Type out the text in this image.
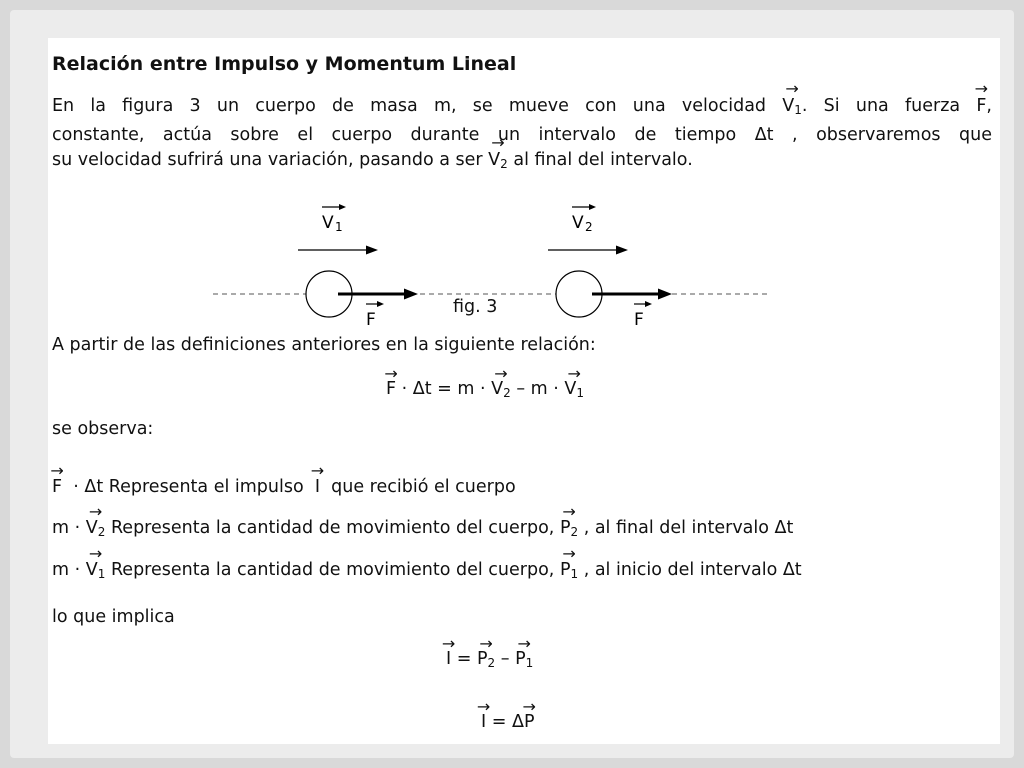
Relación entre Impulso y Momentum Lineal
En la figura 3 un cuerpo de masa m, se mueve con una velocidad → $V_1$. Si una fuerza → F,
constante, actúa sobre el cuerpo durante un intervalo de tiempo Δt , observaremos que
su velocidad sufrirá una variación, pasando a ser → $V_2$ al final del intervalo.
V 1	V 2
F	F
fig. 3
A partir de las definiciones anteriores en la siguiente relación:
→ F · Δt = m · → $V_2$ – m · → $V_1$
se observa:
→ F  · Δt Representa el impulso  → I  que recibió el cuerpo
m · → $V_2$ Representa la cantidad de movimiento del cuerpo, → $P_2$ , al final del intervalo Δt
m · → $V_1$ Representa la cantidad de movimiento del cuerpo, → $P_1$ , al inicio del intervalo Δt
lo que implica
→ I = → $P_2$ – → $P_1$
→ I = Δ→ P
